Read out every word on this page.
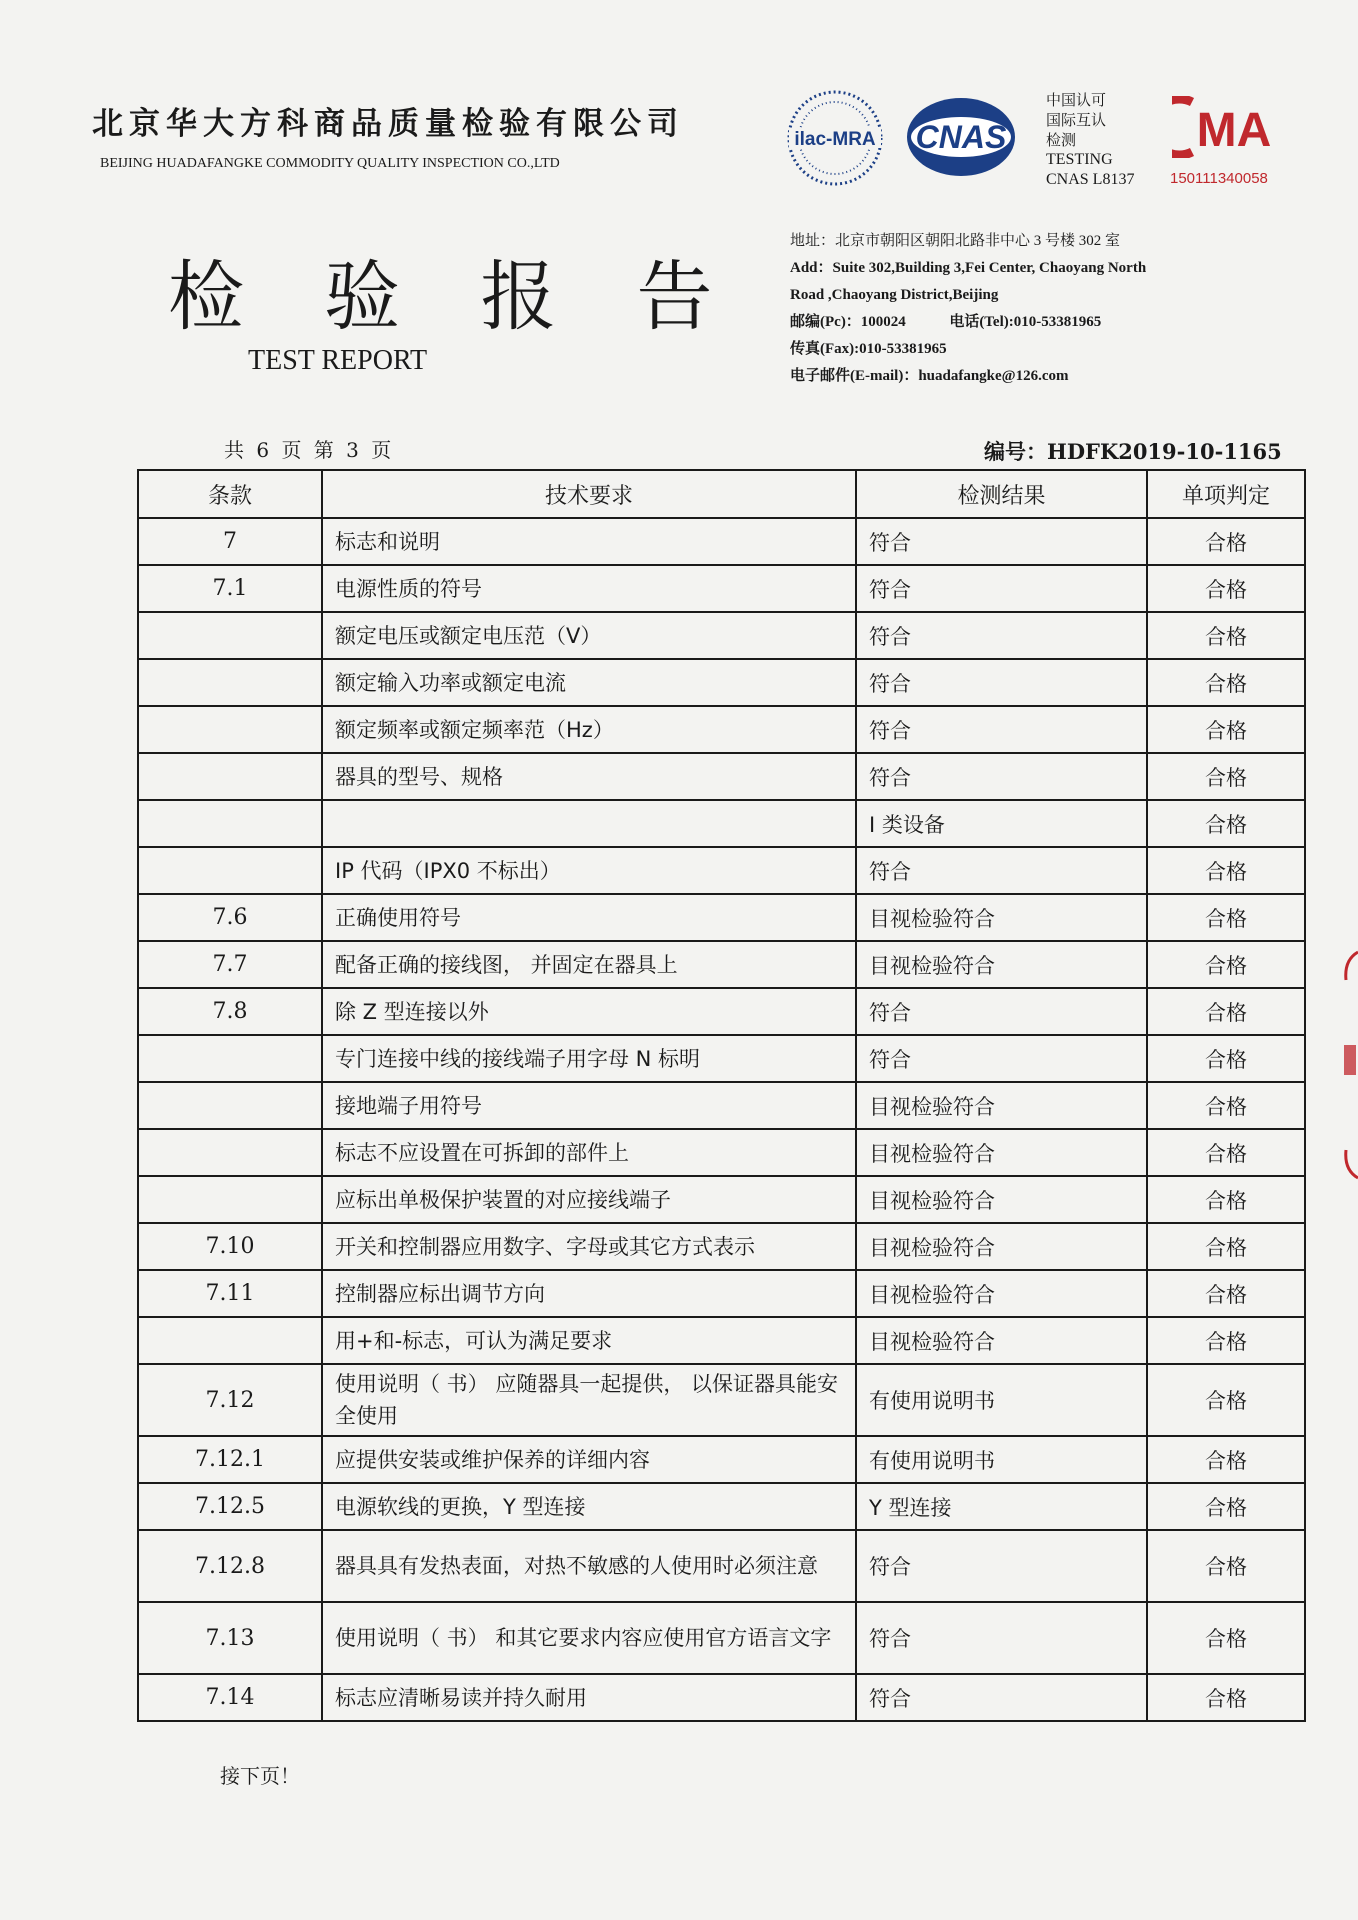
北京华大方科商品质量检验有限公司
BEIJING HUADAFANGKE COMMODITY QUALITY INSPECTION CO.,LTD
检 验 报 告
TEST REPORT
ilac-MRA CNAS
中国认可
国际互认
检测
TESTING
CNAS L8137
MA
150111340058
地址：北京市朝阳区朝阳北路非中心 3 号楼 302 室
Add：Suite 302,Building 3,Fei Center, Chaoyang North
Road ,Chaoyang District,Beijing
邮编(Pc)：100024	电话(Tel):010-53381965
传真(Fax):010-53381965
电子邮件(E-mail)：huadafangke@126.com
共 6 页 第 3 页	编号：HDFK2019-10-1165
条款	技术要求	检测结果	单项判定
7	标志和说明	符合	合格
7.1	电源性质的符号	符合	合格
	额定电压或额定电压范（V）	符合	合格
	额定输入功率或额定电流	符合	合格
	额定频率或额定频率范（Hz）	符合	合格
	器具的型号、规格	符合	合格
		I 类设备	合格
	IP 代码（IPX0 不标出）	符合	合格
7.6	正确使用符号	目视检验符合	合格
7.7	配备正确的接线图， 并固定在器具上	目视检验符合	合格
7.8	除 Z 型连接以外	符合	合格
	专门连接中线的接线端子用字母 N 标明	符合	合格
	接地端子用符号	目视检验符合	合格
	标志不应设置在可拆卸的部件上	目视检验符合	合格
	应标出单极保护装置的对应接线端子	目视检验符合	合格
7.10	开关和控制器应用数字、字母或其它方式表示	目视检验符合	合格
7.11	控制器应标出调节方向	目视检验符合	合格
	用+和-标志，可认为满足要求	目视检验符合	合格
7.12	使用说明（ 书） 应随器具一起提供， 以保证器具能安全使用	有使用说明书	合格
7.12.1	应提供安装或维护保养的详细内容	有使用说明书	合格
7.12.5	电源软线的更换，Y 型连接	Y 型连接	合格
7.12.8	器具具有发热表面，对热不敏感的人使用时必须注意	符合	合格
7.13	使用说明（ 书） 和其它要求内容应使用官方语言文字	符合	合格
7.14	标志应清晰易读并持久耐用	符合	合格
接下页！
